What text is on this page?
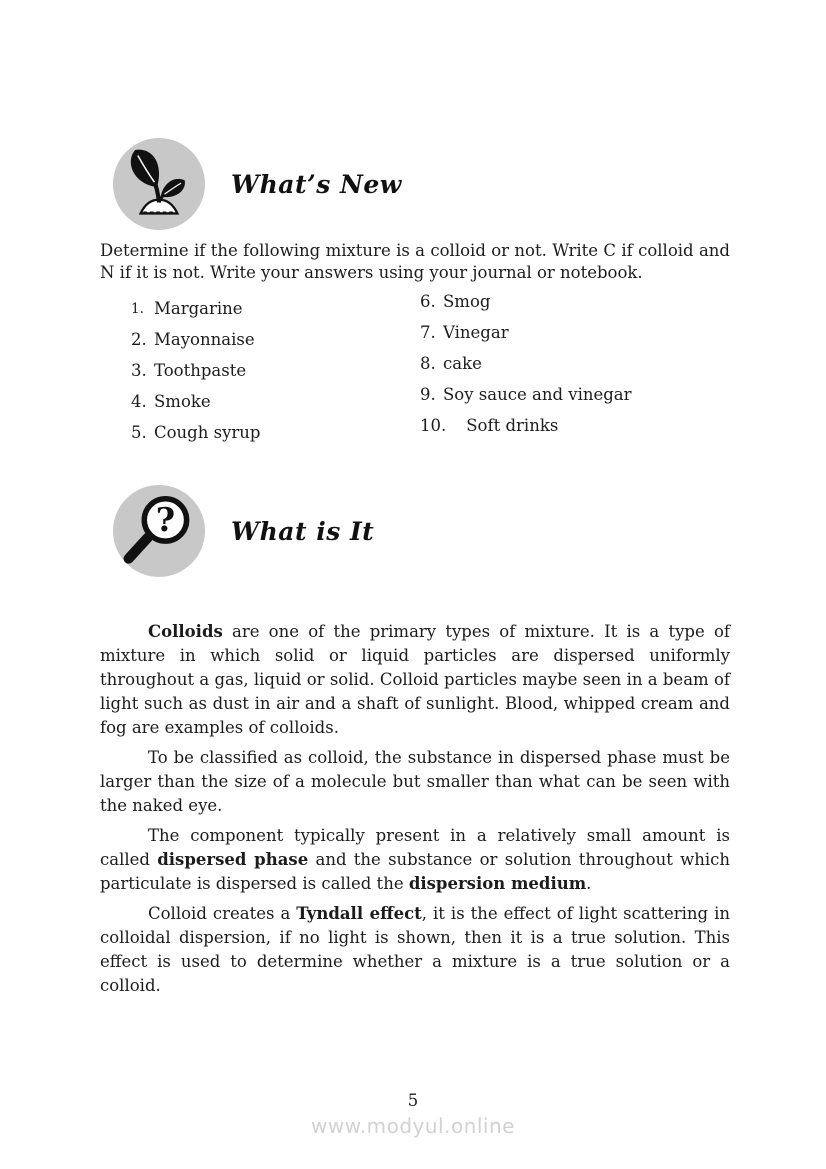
What’s New
Determine if the following mixture is a colloid or not. Write C if colloid and N if it is not. Write your answers using your journal or notebook.
1. Margarine
2. Mayonnaise
3. Toothpaste
4. Smoke
5. Cough syrup
6. Smog
7. Vinegar
8. cake
9. Soy sauce and vinegar
10. Soft drinks
? What is It

Colloids are one of the primary types of mixture. It is a type of mixture in which solid or liquid particles are dispersed uniformly throughout a gas, liquid or solid. Colloid particles maybe seen in a beam of light such as dust in air and a shaft of sunlight. Blood, whipped cream and fog are examples of colloids.

To be classified as colloid, the substance in dispersed phase must be larger than the size of a molecule but smaller than what can be seen with the naked eye.

The component typically present in a relatively small amount is called dispersed phase and the substance or solution throughout which particulate is dispersed is called the dispersion medium.

Colloid creates a Tyndall effect, it is the effect of light scattering in colloidal dispersion, if no light is shown, then it is a true solution. This effect is used to determine whether a mixture is a true solution or a colloid.

5
www.modyul.online
